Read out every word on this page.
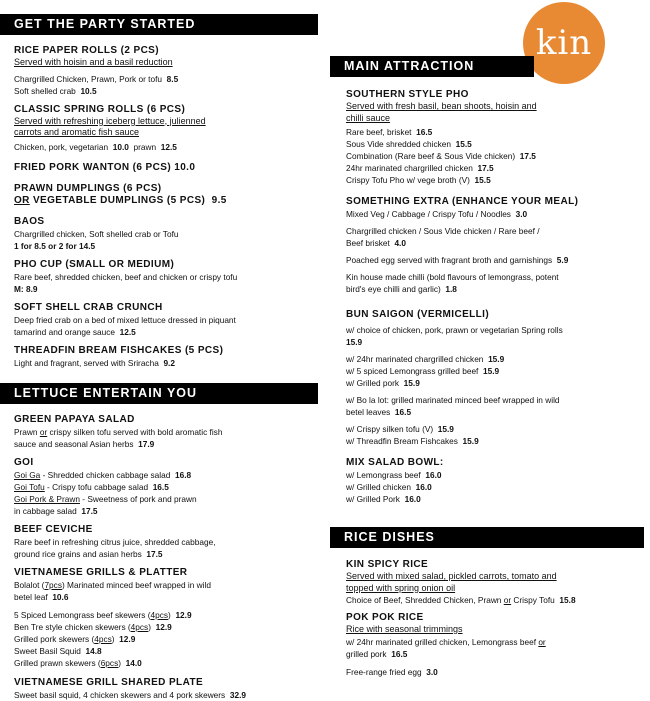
kin
GET THE PARTY STARTED
RICE PAPER ROLLS (2 PCS)
Served with hoisin and a basil reduction
Chargrilled Chicken, Prawn, Pork or tofu 8.5
Soft shelled crab 10.5
CLASSIC SPRING ROLLS (6 PCS)
Served with refreshing iceberg lettuce, julienned
carrots and aromatic fish sauce
Chicken, pork, vegetarian 10.0 prawn 12.5
FRIED PORK WANTON (6 PCS) 10.0
PRAWN DUMPLINGS (6 PCS)
OR VEGETABLE DUMPLINGS (5 PCS) 9.5
BAOS
Chargrilled chicken, Soft shelled crab or Tofu
1 for 8.5 or 2 for 14.5
PHO CUP (SMALL OR MEDIUM)
Rare beef, shredded chicken, beef and chicken or crispy tofu
M: 8.9
SOFT SHELL CRAB CRUNCH
Deep fried crab on a bed of mixed lettuce dressed in piquant
tamarind and orange sauce 12.5
THREADFIN BREAM FISHCAKES (5 PCS)
Light and fragrant, served with Sriracha 9.2
LETTUCE ENTERTAIN YOU
GREEN PAPAYA SALAD
Prawn or crispy silken tofu served with bold aromatic fish
sauce and seasonal Asian herbs 17.9
GOI
Goi Ga - Shredded chicken cabbage salad 16.8
Goi Tofu - Crispy tofu cabbage salad 16.5
Goi Pork & Prawn - Sweetness of pork and prawn
in cabbage salad 17.5
BEEF CEVICHE
Rare beef in refreshing citrus juice, shredded cabbage,
ground rice grains and asian herbs 17.5
VIETNAMESE GRILLS & PLATTER
Bolalot (7pcs) Marinated minced beef wrapped in wild
betel leaf 10.6
5 Spiced Lemongrass beef skewers (4pcs) 12.9
Ben Tre style chicken skewers (4pcs) 12.9
Grilled pork skewers (4pcs) 12.9
Sweet Basil Squid 14.8
Grilled prawn skewers (6pcs) 14.0
VIETNAMESE GRILL SHARED PLATE
Sweet basil squid, 4 chicken skewers and 4 pork skewers 32.9
MAIN ATTRACTION
SOUTHERN STYLE PHO
Served with fresh basil, bean shoots, hoisin and
chilli sauce
Rare beef, brisket 16.5
Sous Vide shredded chicken 15.5
Combination (Rare beef & Sous Vide chicken) 17.5
24hr marinated chargrilled chicken 17.5
Crispy Tofu Pho w/ vege broth (V) 15.5
SOMETHING EXTRA (ENHANCE YOUR MEAL)
Mixed Veg / Cabbage / Crispy Tofu / Noodles 3.0
Chargrilled chicken / Sous Vide chicken / Rare beef /
Beef brisket 4.0
Poached egg served with fragrant broth and garnishings 5.9
Kin house made chilli (bold flavours of lemongrass, potent
bird's eye chilli and garlic) 1.8
BUN SAIGON (VERMICELLI)
w/ choice of chicken, pork, prawn or vegetarian Spring rolls
15.9
w/ 24hr marinated chargrilled chicken 15.9
w/ 5 spiced Lemongrass grilled beef 15.9
w/ Grilled pork 15.9
w/ Bo la lot: grilled marinated minced beef wrapped in wild
betel leaves 16.5
w/ Crispy silken tofu (V) 15.9
w/ Threadfin Bream Fishcakes 15.9
MIX SALAD BOWL:
w/ Lemongrass beef 16.0
w/ Grilled chicken 16.0
w/ Grilled Pork 16.0
RICE DISHES
KIN SPICY RICE
Served with mixed salad, pickled carrots, tomato and
topped with spring onion oil
Choice of Beef, Shredded Chicken, Prawn or Crispy Tofu 15.8
POK POK RICE
Rice with seasonal trimmings
w/ 24hr marinated grilled chicken, Lemongrass beef or
grilled pork 16.5
Free-range fried egg 3.0
